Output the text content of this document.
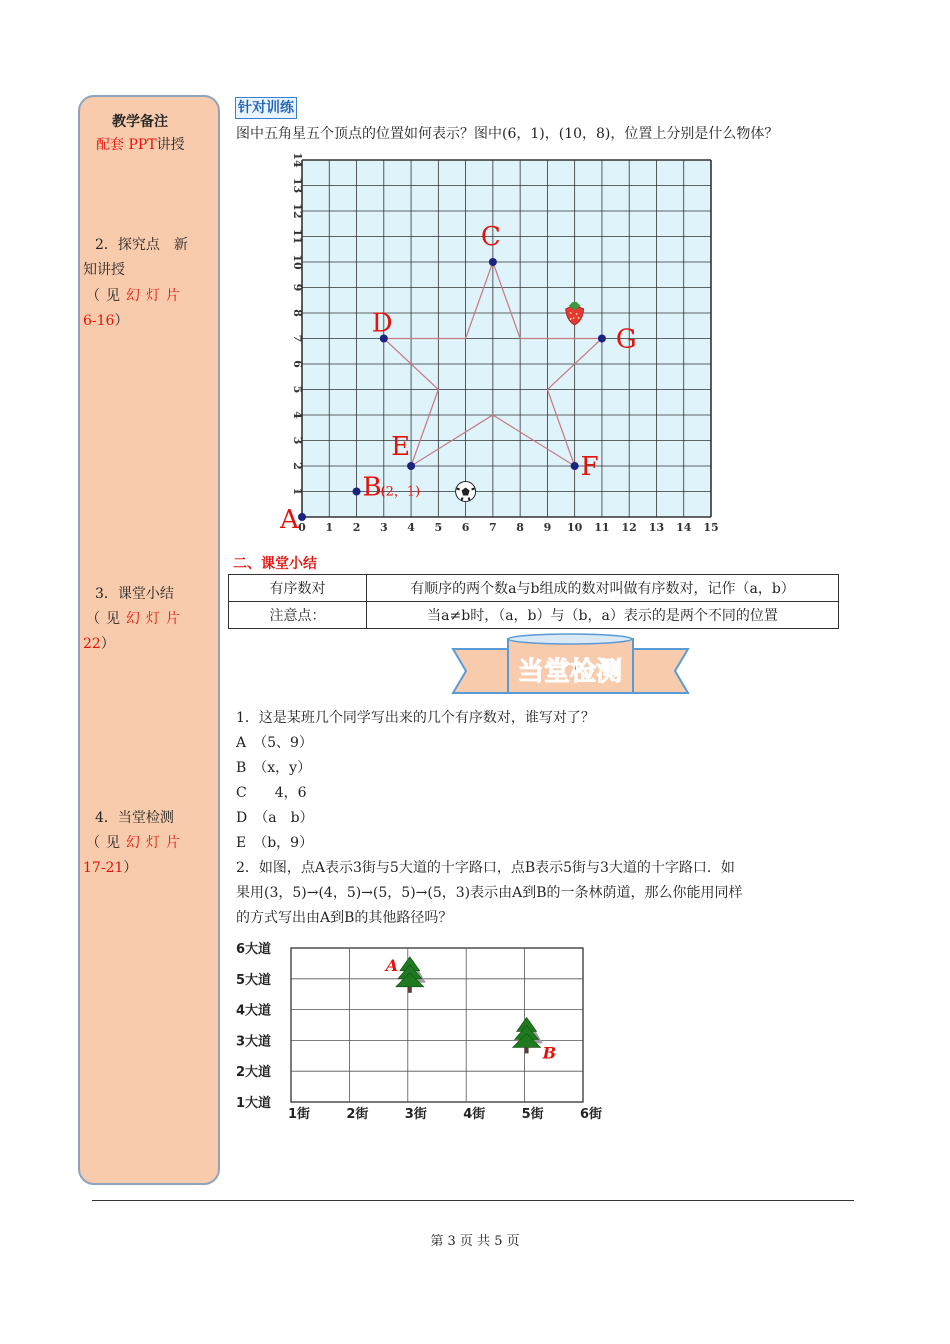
教学备注
配套 PPT讲授
2．探究点　新
知讲授
（见幻灯片
6-16）
3．课堂小结
（见幻灯片
22）
4．当堂检测
（见幻灯片
17-21）
针对训练
图中五角星五个顶点的位置如何表示？图中(6，1)，(10，8)，位置上分别是什么物体？
0 1 2 3 4 5 6 7 8 9 10 11 12 13 14 15
1
2
3
4
5
6
7
8
9
10
11
12
13
14
A
B
(2，1)
C
D
E
F
G
二、课堂小结
有序数对	有顺序的两个数a与b组成的数对叫做有序数对，记作（a，b）
注意点：	当a≠b时，（a，b）与（b，a）表示的是两个不同的位置
当堂检测
1．这是某班几个同学写出来的几个有序数对，谁写对了？
A　（5、9）
B　（x，y）
C　　4，6
D　（a　b）
E　（b，9）
2．如图，点A表示3街与5大道的十字路口，点B表示5街与3大道的十字路口．如
果用(3，5)→(4，5)→(5，5)→(5，3)表示由A到B的一条林荫道，那么你能用同样
的方式写出由A到B的其他路径吗？
1大道
2大道
3大道
4大道
5大道
6大道
1街	2街	3街	4街	5街	6街
A
B
第 3 页 共 5 页
